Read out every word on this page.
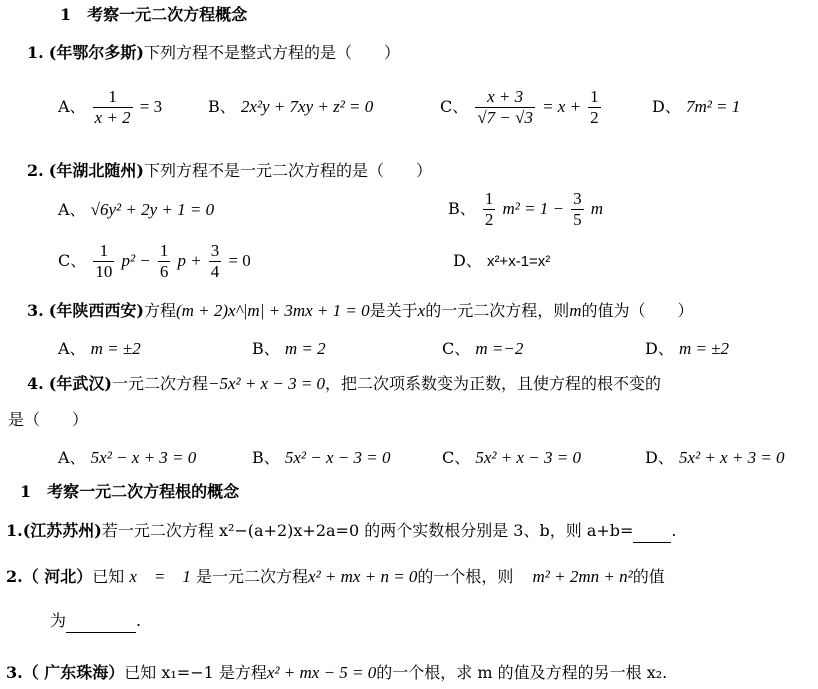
1　考察一元二次方程概念
1. (年鄂尔多斯)下列方程不是整式方程的是（　　）
A、 $\frac{1}{x + 2} = 3$	B、 2x²y + 7xy + z² = 0	C、 $\frac{x + 3}{√7 - √3} = x + \frac{1}{2}$	D、 7m² = 1
2. (年湖北随州)下列方程不是一元二次方程的是（　　）
A、 √6y² + 2y + 1 = 0	B、 $\frac{1}{2} m^2 = 1 - \frac{3}{5}$ m
C、 $\frac{1}{10} p^2 - \frac{1}{6}$ $p + \frac{3}{4} = 0$	D、 x²+x-1=x²
3. (年陕西西安)方程(m + 2)x^|m| + 3mx + 1 = 0是关于x的一元二次方程，则m的值为（　　）
A、 m = ±2	B、 m = 2	C、 m =−2	D、 m = ±2
4. (年武汉)一元二次方程−5x² + x − 3 = 0，把二次项系数变为正数，且使方程的根不变的
是（　　）
A、 5x² − x + 3 = 0	B、 5x² − x − 3 = 0	C、 5x² + x − 3 = 0	D、 5x² + x + 3 = 0
1　考察一元二次方程根的概念
1.(江苏苏州)若一元二次方程 x²−(a+2)x+2a=0 的两个实数根分别是 3、b，则 a+b= .
2.（ 河北）已知 x　=　1 是一元二次方程x² + mx + n = 0的一个根，则 m² + 2mn + n²的值
为	.
3.（ 广东珠海）已知 x₁=−1 是方程x² + mx − 5 = 0的一个根，求 m 的值及方程的另一根 x₂.
